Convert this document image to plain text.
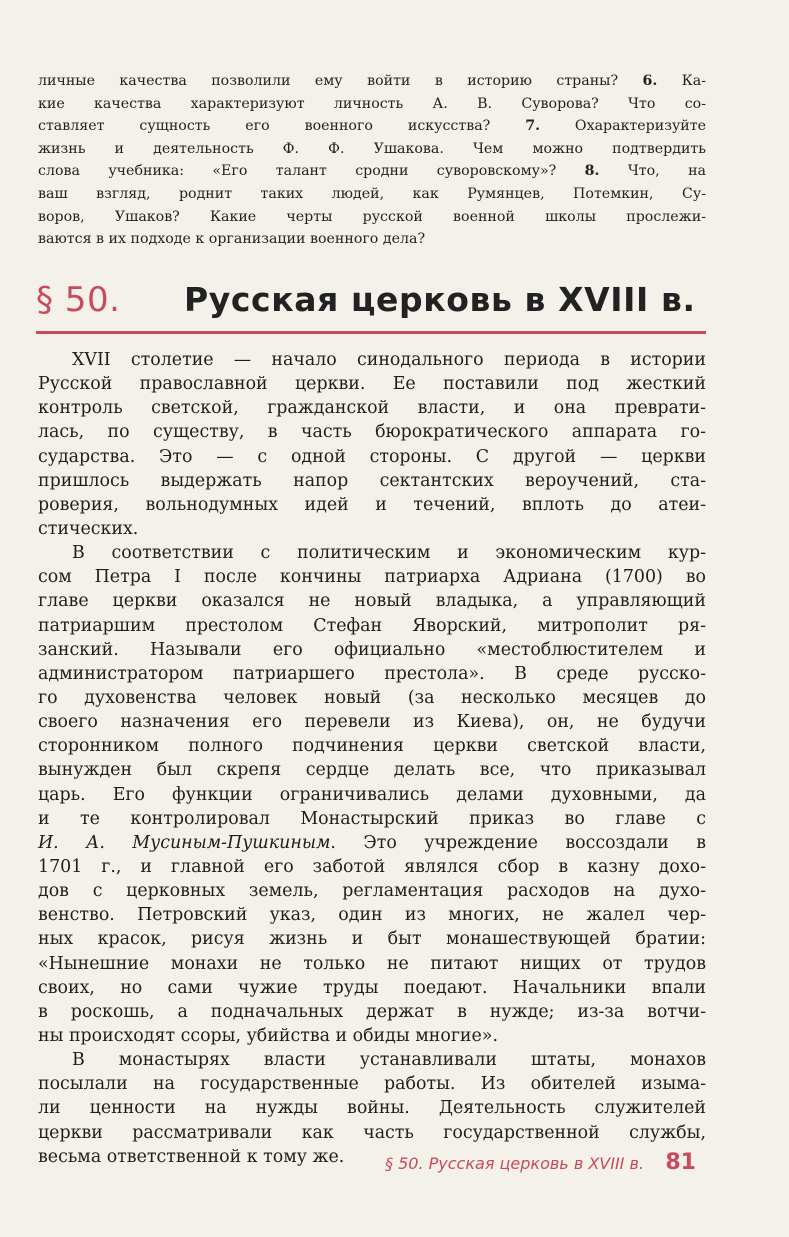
личные качества позволили ему войти в историю страны? 6. Ка-
кие качества характеризуют личность А. В. Суворова? Что со-
ставляет сущность его военного искусства? 7. Охарактеризуйте
жизнь и деятельность Ф. Ф. Ушакова. Чем можно подтвердить
слова учебника: «Его талант сродни суворовскому»? 8. Что, на
ваш взгляд, роднит таких людей, как Румянцев, Потемкин, Су-
воров, Ушаков? Какие черты русской военной школы прослежи-
ваются в их подходе к организации военного дела?
§ 50. Русская церковь в XVIII в.
XVII столетие — начало синодального периода в истории
Русской православной церкви. Ее поставили под жесткий
контроль светской, гражданской власти, и она преврати-
лась, по существу, в часть бюрократического аппарата го-
сударства. Это — с одной стороны. С другой — церкви
пришлось выдержать напор сектантских вероучений, ста-
роверия, вольнодумных идей и течений, вплоть до атеи-
стических.
В соответствии с политическим и экономическим кур-
сом Петра I после кончины патриарха Адриана (1700) во
главе церкви оказался не новый владыка, а управляющий
патриаршим престолом Стефан Яворский, митрополит ря-
занский. Называли его официально «местоблюстителем и
администратором патриаршего престола». В среде русско-
го духовенства человек новый (за несколько месяцев до
своего назначения его перевели из Киева), он, не будучи
сторонником полного подчинения церкви светской власти,
вынужден был скрепя сердце делать все, что приказывал
царь. Его функции ограничивались делами духовными, да
и те контролировал Монастырский приказ во главе с
И. А. Мусиным-Пушкиным. Это учреждение воссоздали в
1701 г., и главной его заботой являлся сбор в казну дохо-
дов с церковных земель, регламентация расходов на духо-
венство. Петровский указ, один из многих, не жалел чер-
ных красок, рисуя жизнь и быт монашествующей братии:
«Нынешние монахи не только не питают нищих от трудов
своих, но сами чужие труды поедают. Начальники впали
в роскошь, а подначальных держат в нужде; из-за вотчи-
ны происходят ссоры, убийства и обиды многие».
В монастырях власти устанавливали штаты, монахов
посылали на государственные работы. Из обителей изыма-
ли ценности на нужды войны. Деятельность служителей
церкви рассматривали как часть государственной службы,
весьма ответственной к тому же.	§ 50. Русская церковь в XVIII в. 81
